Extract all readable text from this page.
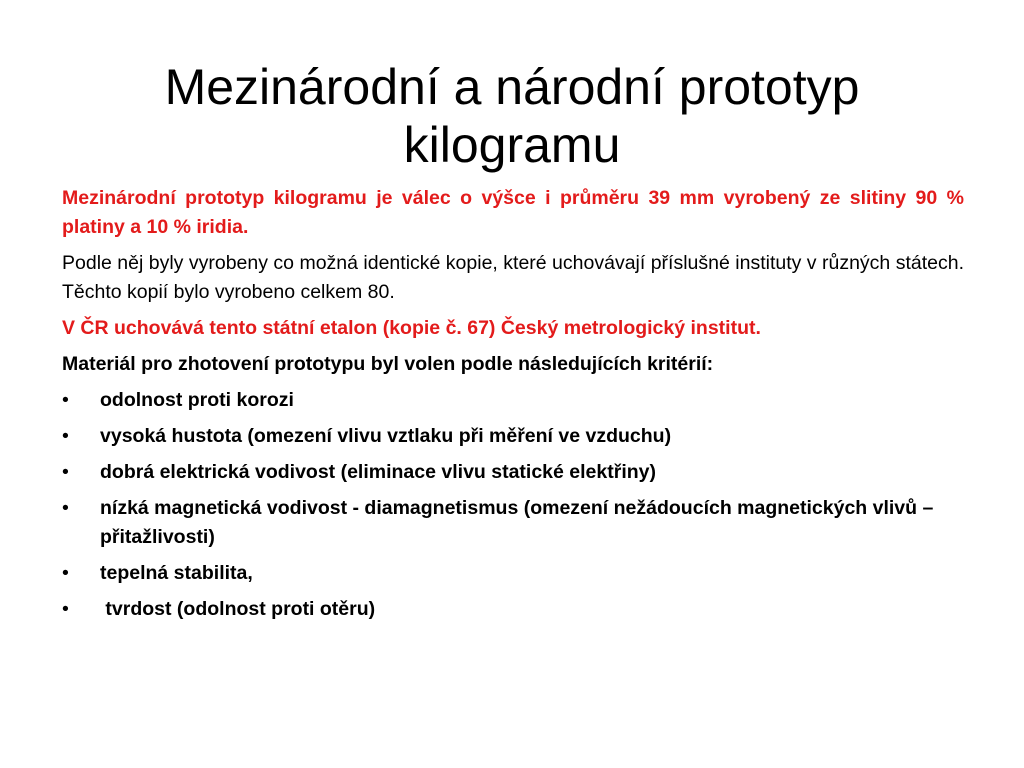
Mezinárodní a národní prototyp kilogramu

Mezinárodní prototyp kilogramu je válec o výšce i průměru 39 mm vyrobený ze slitiny 90 % platiny a 10 % iridia.

Podle něj byly vyrobeny co možná identické kopie, které uchovávají příslušné instituty v různých státech. Těchto kopií bylo vyrobeno celkem 80.

V ČR uchovává tento státní etalon (kopie č. 67) Český metrologický institut.

Materiál pro zhotovení prototypu byl volen podle následujících kritérií:

•	odolnost proti korozi
•	vysoká hustota (omezení vlivu vztlaku při měření ve vzduchu)
•	dobrá elektrická vodivost (eliminace vlivu statické elektřiny)
•	nízká magnetická vodivost - diamagnetismus (omezení nežádoucích magnetických vlivů – přitažlivosti)
•	tepelná stabilita,
•	tvrdost (odolnost proti otěru)
